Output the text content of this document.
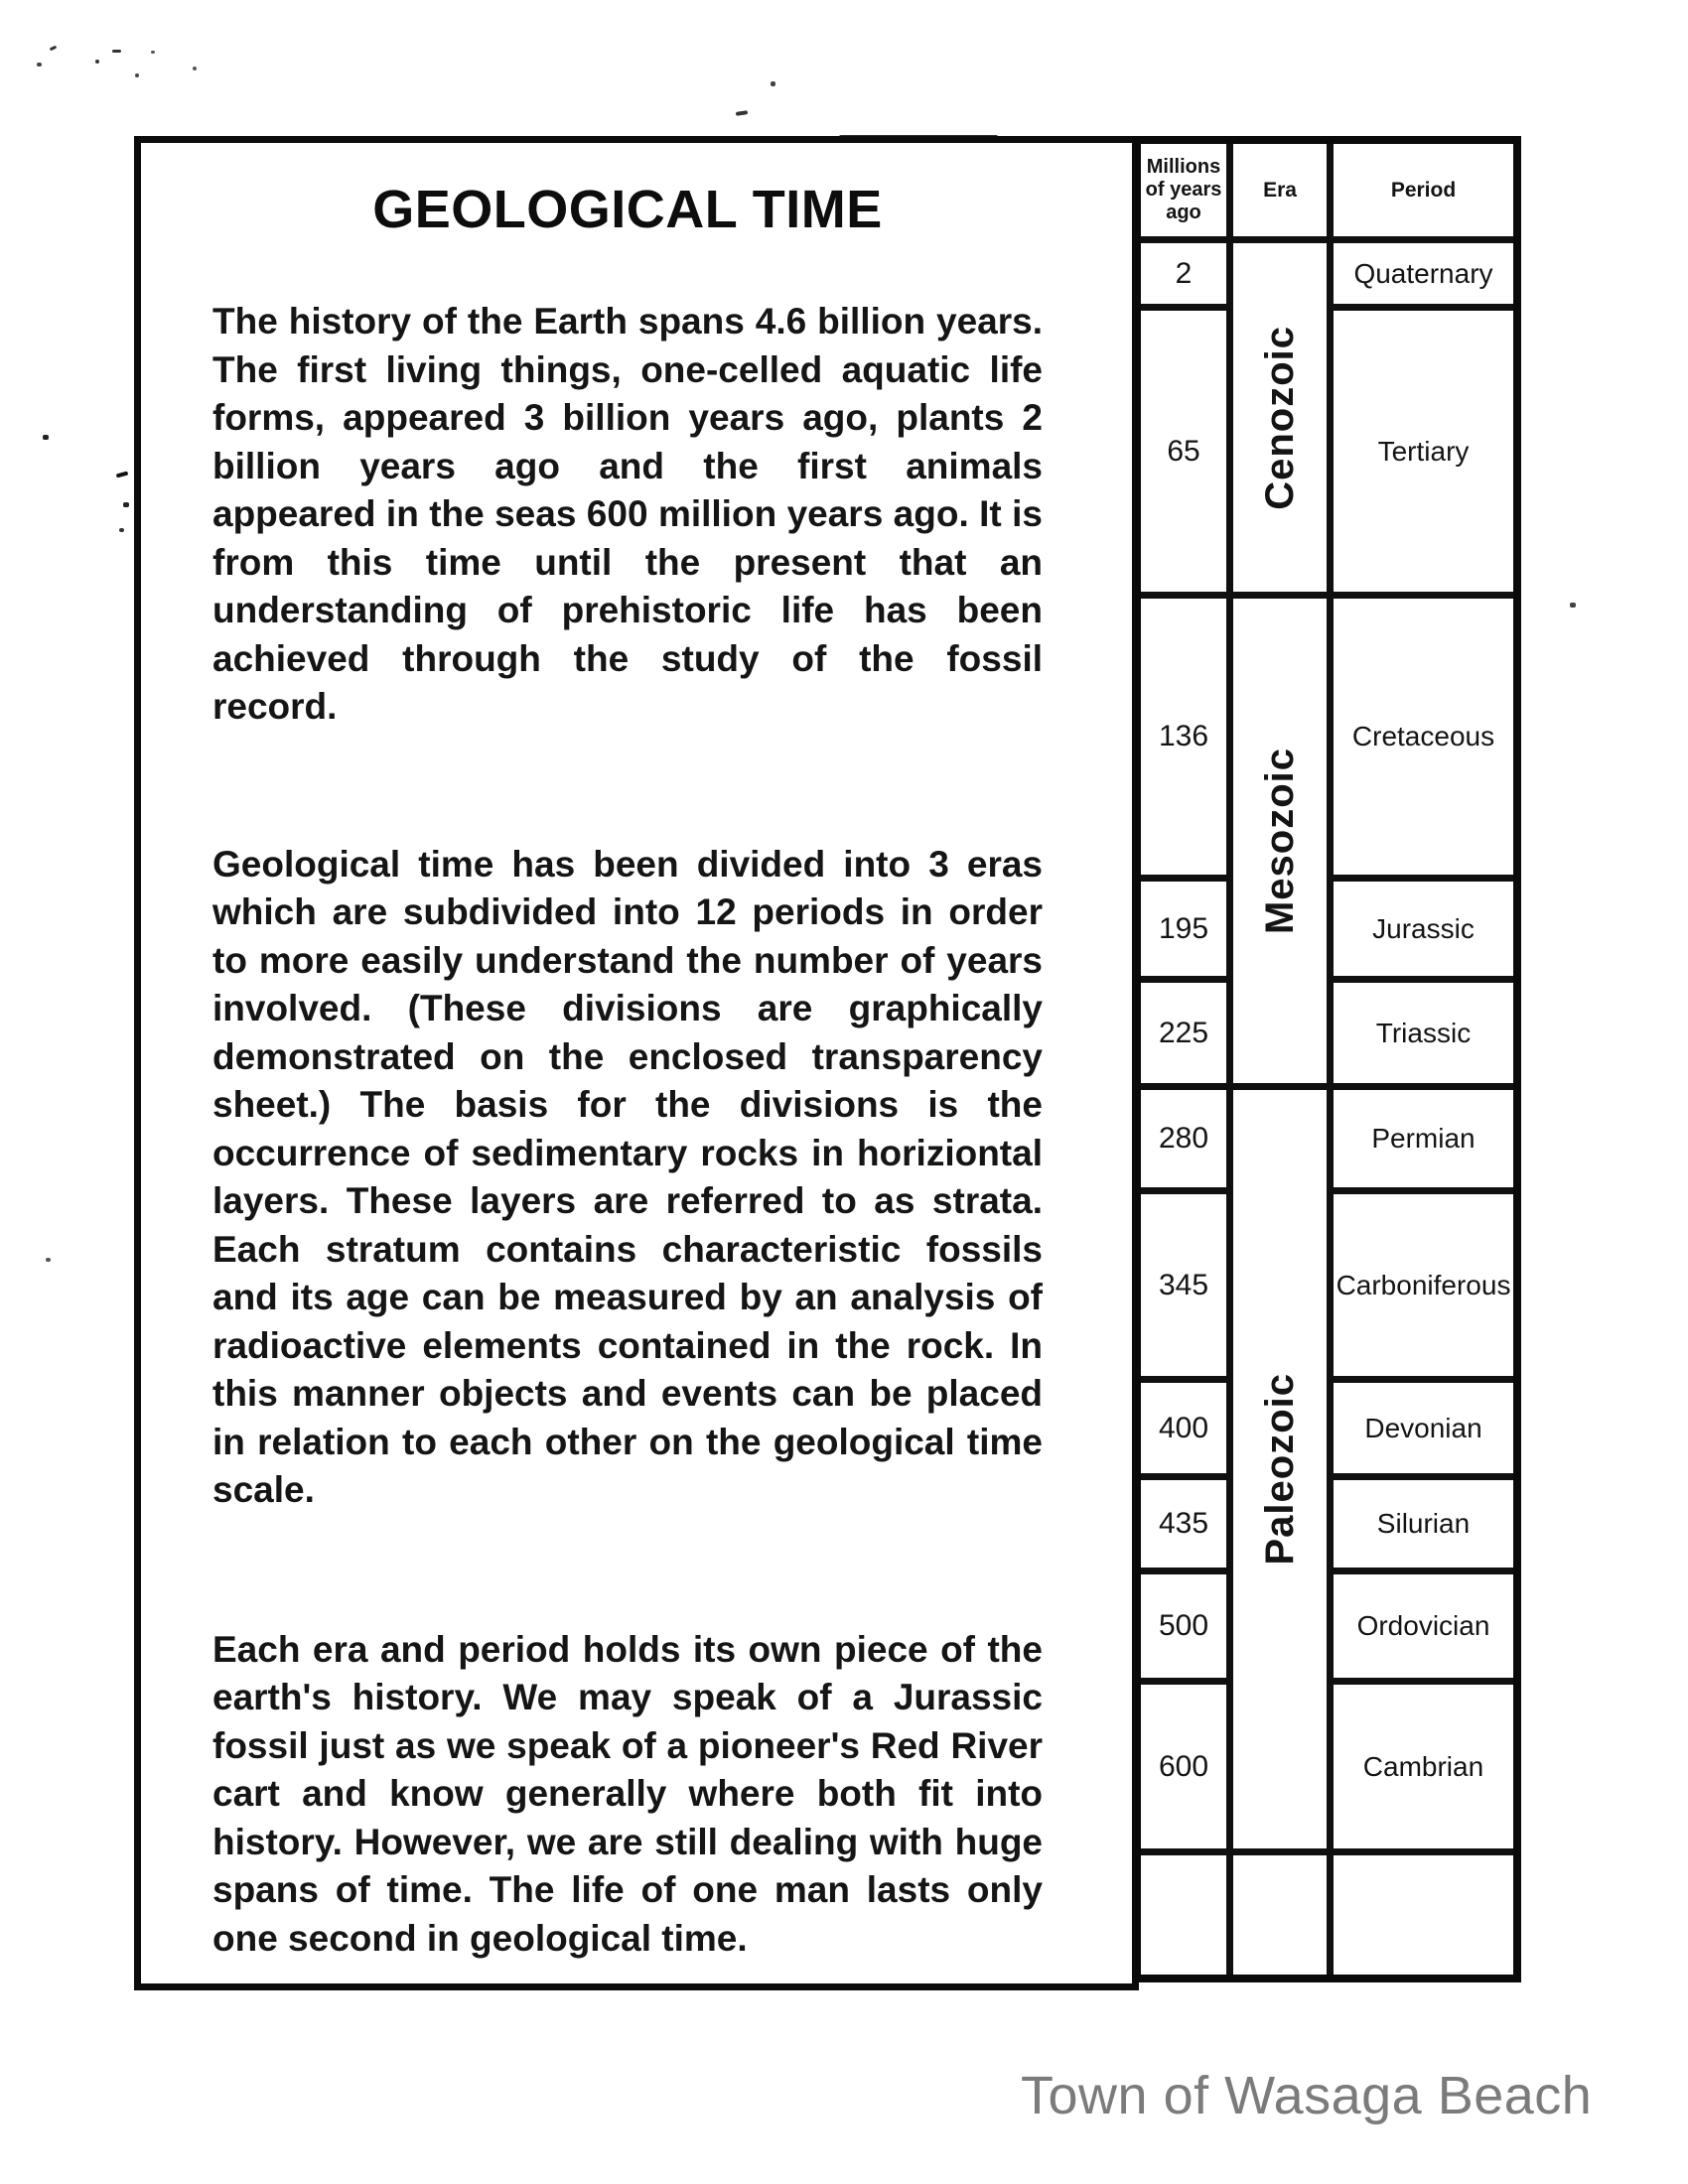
GEOLOGICAL TIME

The history of the Earth spans 4.6 billion years. The first living things, one-celled aquatic life forms, appeared 3 billion years ago, plants 2 billion years ago and the first animals appeared in the seas 600 million years ago. It is from this time until the present that an understanding of prehistoric life has been achieved through the study of the fossil record.

Geological time has been divided into 3 eras which are subdivided into 12 periods in order to more easily understand the number of years involved. (These divisions are graphically demonstrated on the enclosed transparency sheet.) The basis for the divisions is the occurrence of sedimentary rocks in horiziontal layers. These layers are referred to as strata. Each stratum contains characteristic fossils and its age can be measured by an analysis of radioactive elements contained in the rock. In this manner objects and events can be placed in relation to each other on the geological time scale.

Each era and period holds its own piece of the earth's history. We may speak of a Jurassic fossil just as we speak of a pioneer's Red River cart and know generally where both fit into history. However, we are still dealing with huge spans of time. The life of one man lasts only one second in geological time.

Millions of years ago
Era	Period
2
65
136
195
225
280
345
400
435
500
600
Cenozoic
Mesozoic
Paleozoic
Quaternary
Tertiary
Cretaceous
Jurassic
Triassic
Permian
Carboniferous
Devonian
Silurian
Ordovician
Cambrian
Town of Wasaga Beach
